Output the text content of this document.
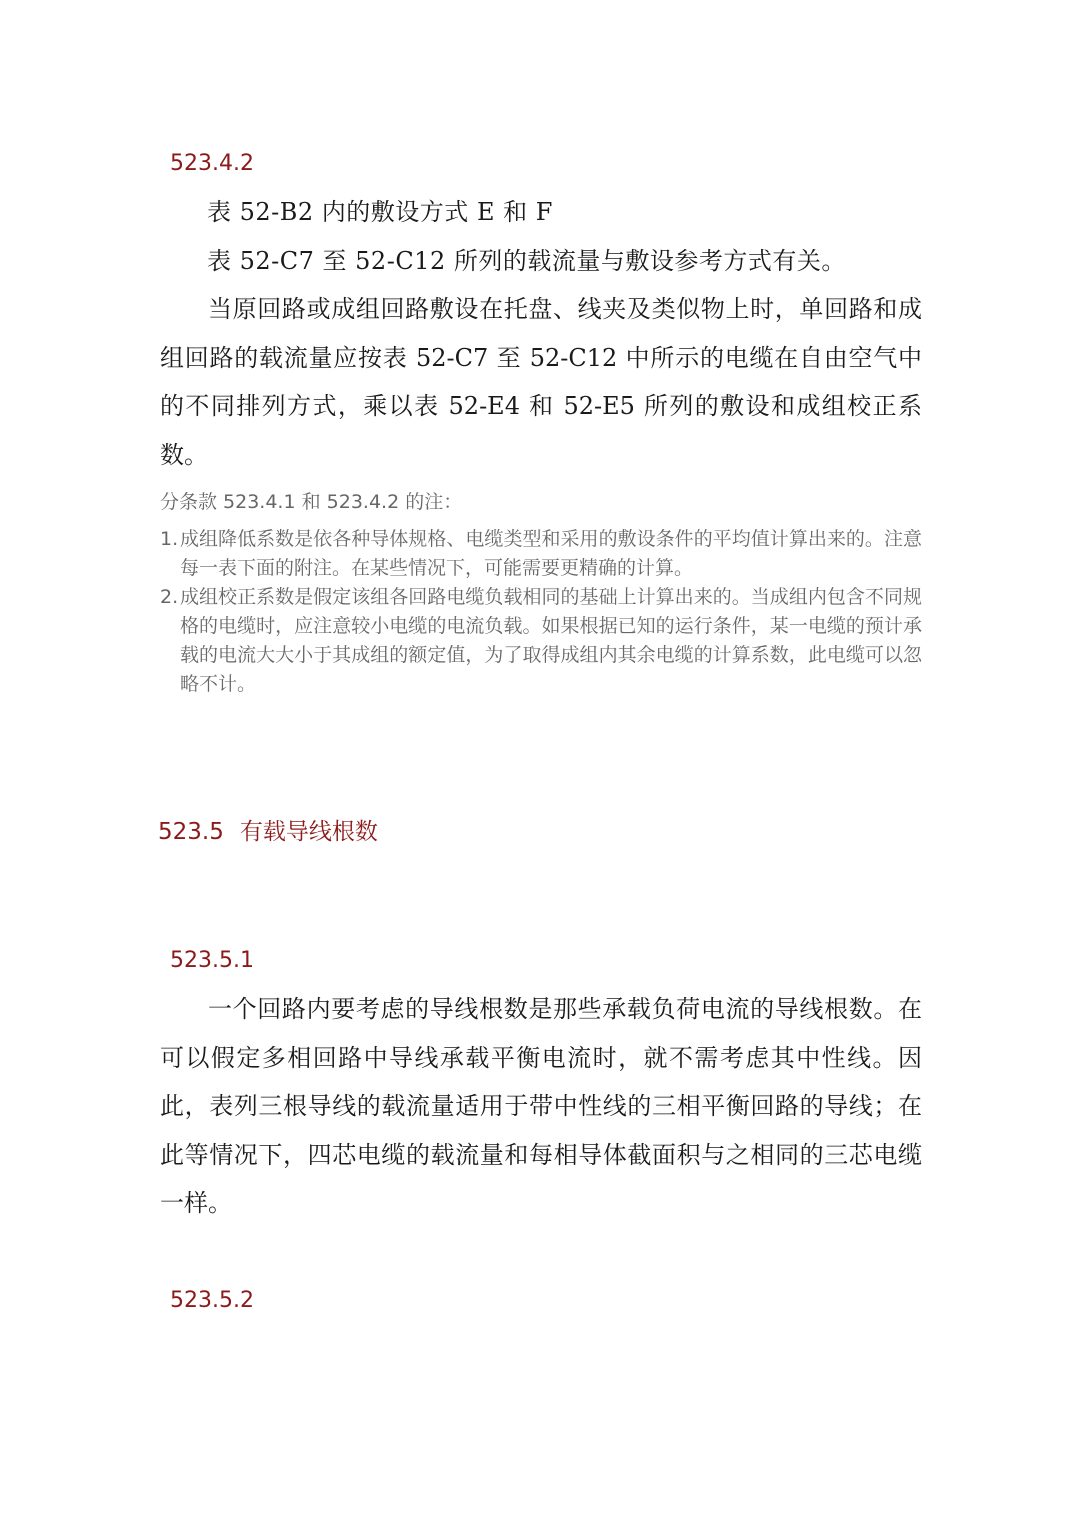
523.4.2

表 52-B2 内的敷设方式 E 和 F

表 52-C7 至 52-C12 所列的载流量与敷设参考方式有关。

当原回路或成组回路敷设在托盘、线夹及类似物上时，单回路和成组回路的载流量应按表 52-C7 至 52-C12 中所示的电缆在自由空气中的不同排列方式，乘以表 52-E4 和 52-E5 所列的敷设和成组校正系数。

分条款 523.4.1 和 523.4.2 的注：

1. 成组降低系数是依各种导体规格、电缆类型和采用的敷设条件的平均值计算出来的。注意每一表下面的附注。在某些情况下，可能需要更精确的计算。
2. 成组校正系数是假定该组各回路电缆负载相同的基础上计算出来的。当成组内包含不同规格的电缆时，应注意较小电缆的电流负载。如果根据已知的运行条件，某一电缆的预计承载的电流大大小于其成组的额定值，为了取得成组内其余电缆的计算系数，此电缆可以忽略不计。

523.5 有载导线根数

523.5.1

一个回路内要考虑的导线根数是那些承载负荷电流的导线根数。在可以假定多相回路中导线承载平衡电流时，就不需考虑其中性线。因此，表列三根导线的载流量适用于带中性线的三相平衡回路的导线；在此等情况下，四芯电缆的载流量和每相导体截面积与之相同的三芯电缆一样。

523.5.2
